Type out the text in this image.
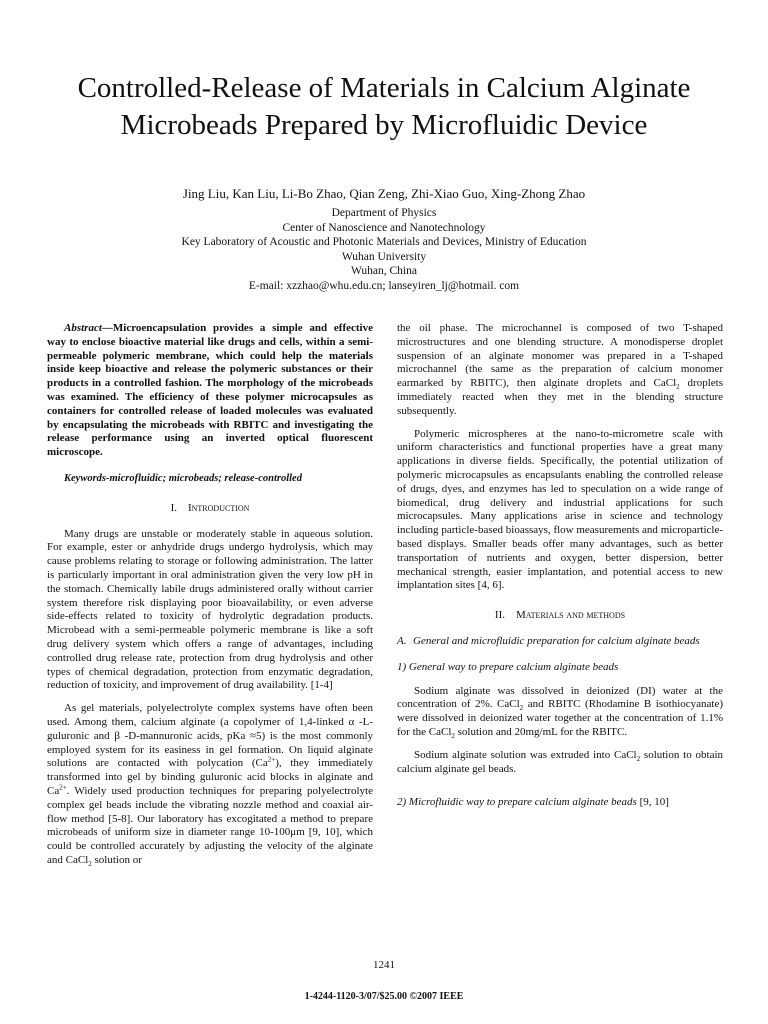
Controlled-Release of Materials in Calcium Alginate
Microbeads Prepared by Microfluidic Device
Jing Liu, Kan Liu, Li-Bo Zhao, Qian Zeng, Zhi-Xiao Guo, Xing-Zhong Zhao
Department of Physics
Center of Nanoscience and Nanotechnology
Key Laboratory of Acoustic and Photonic Materials and Devices, Ministry of Education
Wuhan University
Wuhan, China
E-mail: xzzhao@whu.edu.cn; lanseyiren_lj@hotmail. com

Abstract—Microencapsulation provides a simple and effective way to enclose bioactive material like drugs and cells, within a semi-permeable polymeric membrane, which could help the materials inside keep bioactive and release the polymeric substances or their products in a controlled fashion. The morphology of the microbeads was examined. The efficiency of these polymer microcapsules as containers for controlled release of loaded molecules was evaluated by encapsulating the microbeads with RBITC and investigating the release performance using an inverted optical fluorescent microscope.

Keywords-microfluidic; microbeads; release-controlled
I. Introduction

Many drugs are unstable or moderately stable in aqueous solution. For example, ester or anhydride drugs undergo hydrolysis, which may cause problems relating to storage or following administration. The latter is particularly important in oral administration given the very low pH in the stomach. Chemically labile drugs administered orally without carrier system therefore risk displaying poor bioavailability, or even adverse side-effects related to toxicity of hydrolytic degradation products. Microbead with a semi-permeable polymeric membrane is like a soft drug delivery system which offers a range of advantages, including controlled drug release rate, protection from drug hydrolysis and other types of chemical degradation, protection from enzymatic degradation, reduction of toxicity, and improvement of drug availability. [1-4]

As gel materials, polyelectrolyte complex systems have often been used. Among them, calcium alginate (a copolymer of 1,4-linked α -L-guluronic and β -D-mannuronic acids, pKa ≈5) is the most commonly employed system for its easiness in gel formation. On liquid alginate solutions are contacted with polycation $(Ca^{2+})$, they immediately transformed into gel by binding guluronic acid blocks in alginate and $Ca^{2+}$. Widely used production techniques for preparing polyelectrolyte complex gel beads include the vibrating nozzle method and coaxial air-flow method [5-8]. Our laboratory has excogitated a method to prepare microbeads of uniform size in diameter range 10-100μm [9, 10], which could be controlled accurately by adjusting the velocity of the alginate and CaCl$_2$ solution or

the oil phase. The microchannel is composed of two T-shaped microstructures and one blending structure. A monodisperse droplet suspension of an alginate monomer was prepared in a T-shaped microchannel (the same as the preparation of calcium monomer earmarked by RBITC), then alginate droplets and CaCl$_2$ droplets immediately reacted when they met in the blending structure subsequently.

Polymeric microspheres at the nano-to-micrometre scale with uniform characteristics and functional properties have a great many applications in diverse fields. Specifically, the potential utilization of polymeric microcapsules as encapsulants enabling the controlled release of drugs, dyes, and enzymes has led to speculation on a wide range of biomedical, drug delivery and industrial applications for such microcapsules. Many applications arise in science and technology including particle-based bioassays, flow measurements and microparticle-based displays. Smaller beads offer many advantages, such as better transportation of nutrients and oxygen, better dispersion, better mechanical strength, easier implantation, and potential access to new implantation sites [4, 6].

II. Materials and methods
A. General and microfluidic preparation for calcium alginate beads
1) General way to prepare calcium alginate beads

Sodium alginate was dissolved in deionized (DI) water at the concentration of 2%. CaCl$_2$ and RBITC (Rhodamine B isothiocyanate) were dissolved in deionized water together at the concentration of 1.1% for the CaCl$_2$ solution and 20mg/mL for the RBITC.

Sodium alginate solution was extruded into CaCl$_2$ solution to obtain calcium alginate gel beads.

2) Microfluidic way to prepare calcium alginate beads [9, 10]
1241
1-4244-1120-3/07/$25.00 ©2007 IEEE
